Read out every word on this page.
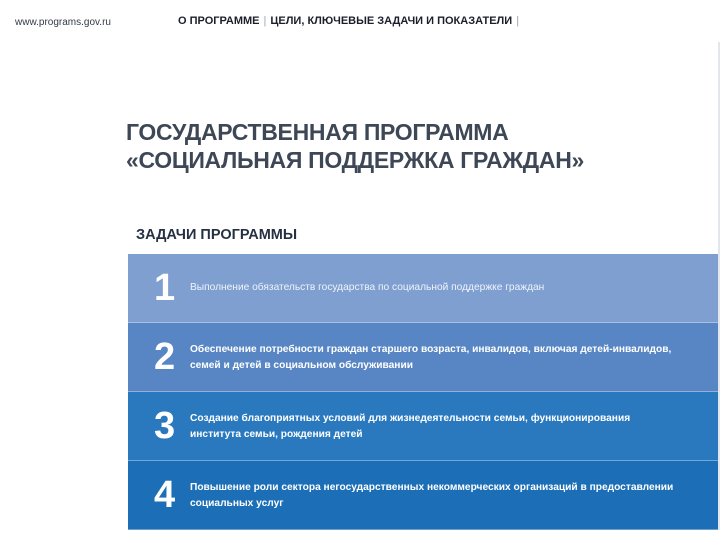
www.programs.gov.ru	О ПРОГРАММЕ | ЦЕЛИ, КЛЮЧЕВЫЕ ЗАДАЧИ И ПОКАЗАТЕЛИ |
ГОСУДАРСТВЕННАЯ ПРОГРАММА
«СОЦИАЛЬНАЯ ПОДДЕРЖКА ГРАЖДАН»
ЗАДАЧИ ПРОГРАММЫ
1 Выполнение обязательств государства по социальной поддержке граждан
2 Обеспечение потребности граждан старшего возраста, инвалидов, включая детей-инвалидов, семей и детей в социальном обслуживании
3 Создание благоприятных условий для жизнедеятельности семьи, функционирования института семьи, рождения детей
4 Повышение роли сектора негосударственных некоммерческих организаций в предоставлении социальных услуг
